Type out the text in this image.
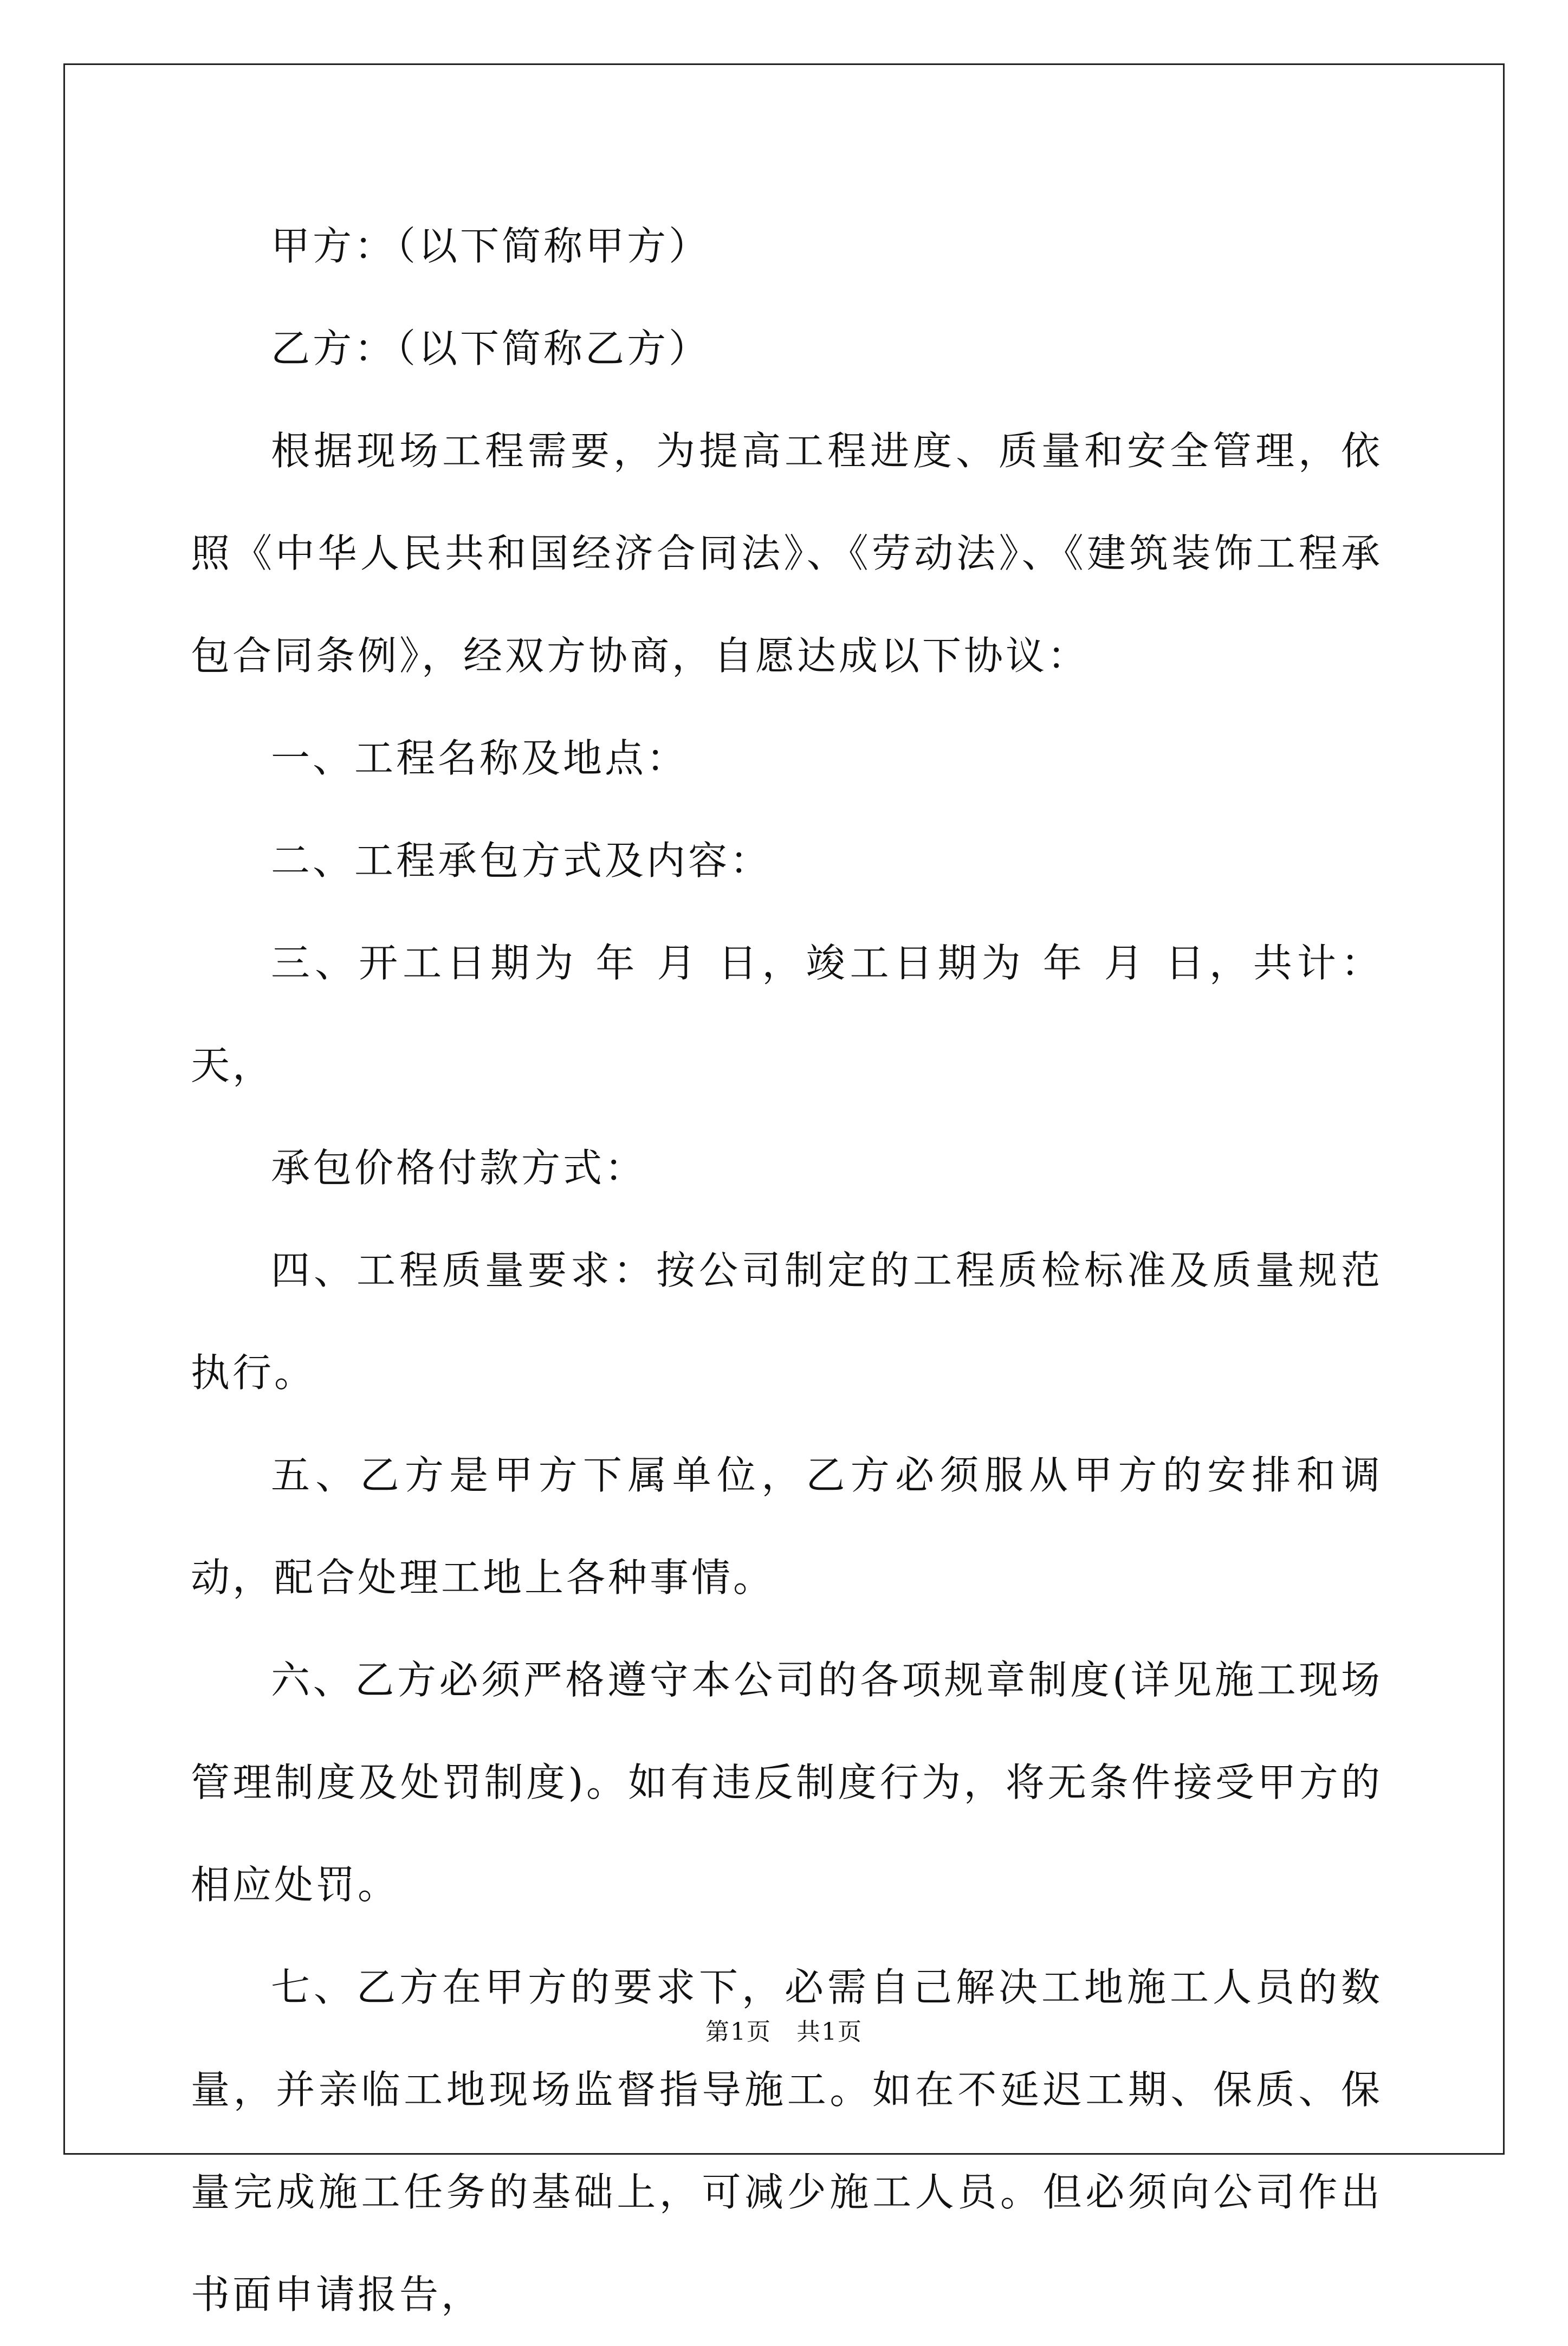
甲方：（以下简称甲方）

乙方：（以下简称乙方）

根据现场工程需要，为提高工程进度、质量和安全管理，依照《中华人民共和国经济合同法》、《劳动法》、《建筑装饰工程承包合同条例》，经双方协商，自愿达成以下协议：

一、工程名称及地点：

二、工程承包方式及内容：

三、开工日期为 年 月 日，竣工日期为 年 月 日，共计： 天，

承包价格付款方式：

四、工程质量要求：按公司制定的工程质检标准及质量规范执行。

五、乙方是甲方下属单位，乙方必须服从甲方的安排和调动，配合处理工地上各种事情。

六、乙方必须严格遵守本公司的各项规章制度(详见施工现场管理制度及处罚制度)。如有违反制度行为，将无条件接受甲方的相应处罚。

七、乙方在甲方的要求下，必需自己解决工地施工人员的数量，并亲临工地现场监督指导施工。如在不延迟工期、保质、保量完成施工任务的基础上，可减少施工人员。但必须向公司作出书面申请报告，

第1页　共1页
